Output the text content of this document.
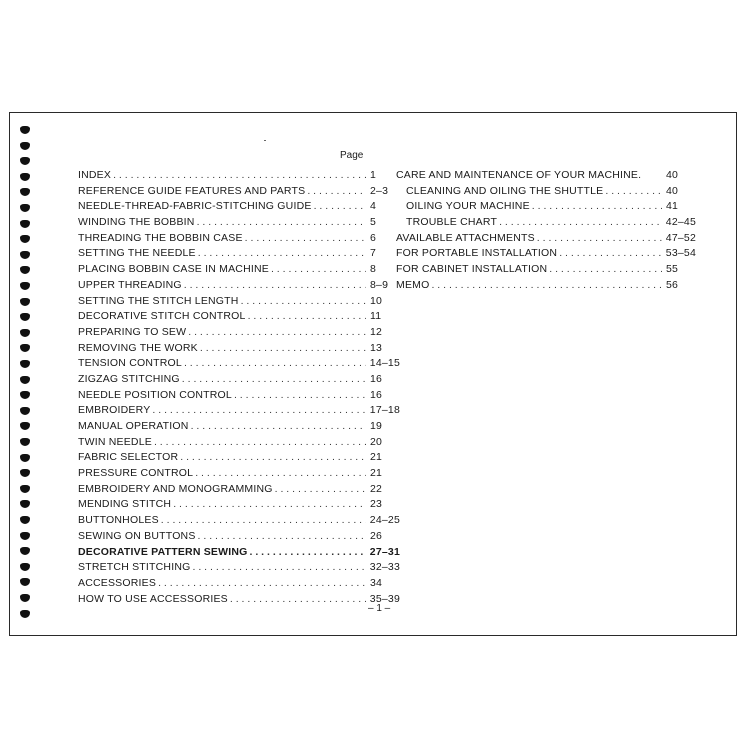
Page
INDEX . . .	1
REFERENCE GUIDE FEATURES AND PARTS . . .	2–3
NEEDLE-THREAD-FABRIC-STITCHING GUIDE . . .	4
WINDING THE BOBBIN . . .	5
THREADING THE BOBBIN CASE . . .	6
SETTING THE NEEDLE . . .	7
PLACING BOBBIN CASE IN MACHINE . . .	8
UPPER THREADING . . .	8–9
SETTING THE STITCH LENGTH . . .	10
DECORATIVE STITCH CONTROL . . .	11
PREPARING TO SEW . . .	12
REMOVING THE WORK . . .	13
TENSION CONTROL . . .	14–15
ZIGZAG STITCHING . . .	16
NEEDLE POSITION CONTROL . . .	16
EMBROIDERY . . .	17–18
MANUAL OPERATION . . .	19
TWIN NEEDLE . . .	20
FABRIC SELECTOR . . .	21
PRESSURE CONTROL . . .	21
EMBROIDERY AND MONOGRAMMING . . .	22
MENDING STITCH . . .	23
BUTTONHOLES . . .	24–25
SEWING ON BUTTONS . . .	26
DECORATIVE PATTERN SEWING . . .	27–31
STRETCH STITCHING . . .	32–33
ACCESSORIES . . .	34
HOW TO USE ACCESSORIES . . .	35–39
CARE AND MAINTENANCE OF YOUR MACHINE.	40
CLEANING AND OILING THE SHUTTLE . . .	40
OILING YOUR MACHINE . . .	41
TROUBLE CHART . . .	42–45
AVAILABLE ATTACHMENTS . . .	47–52
FOR PORTABLE INSTALLATION . . .	53–54
FOR CABINET INSTALLATION . . .	55
MEMO . . .	56
– 1 –
